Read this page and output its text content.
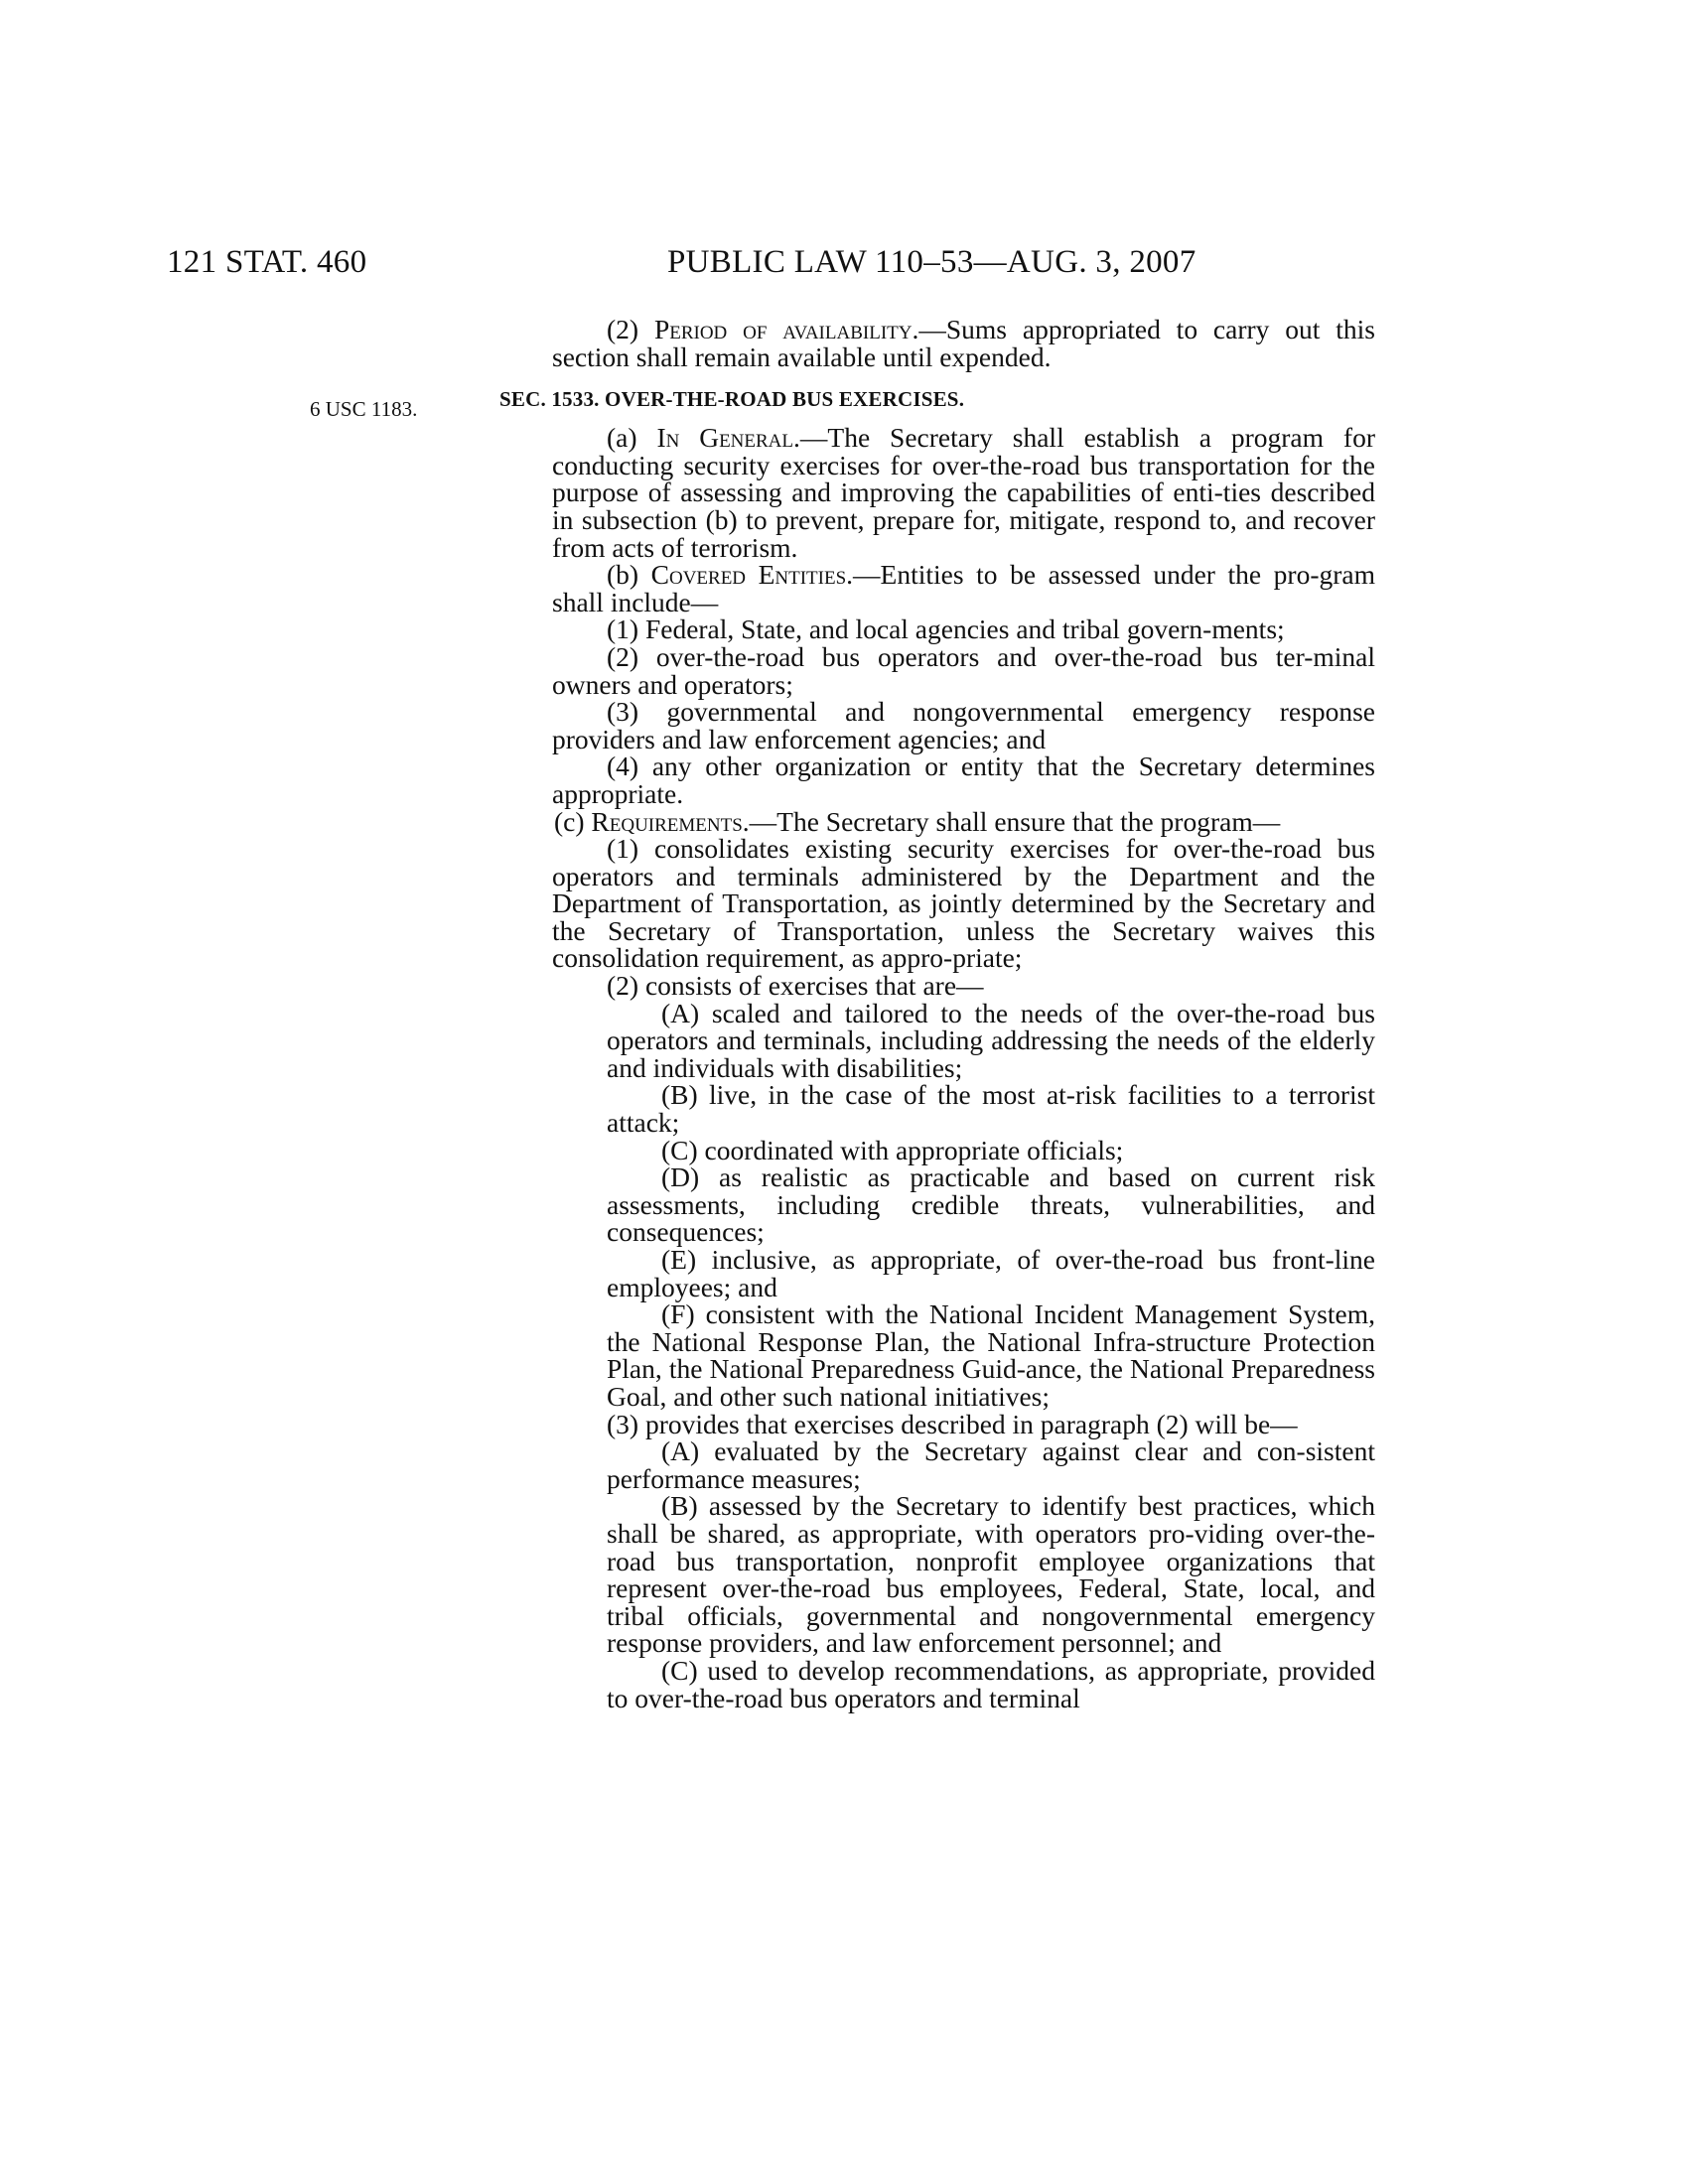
121 STAT. 460	PUBLIC LAW 110–53—AUG. 3, 2007
6 USC 1183.

(2) Period of availability.—Sums appropriated to carry out this section shall remain available until expended.

SEC. 1533. OVER-THE-ROAD BUS EXERCISES.

(a) In General.—The Secretary shall establish a program for conducting security exercises for over-the-road bus transportation for the purpose of assessing and improving the capabilities of enti-ties described in subsection (b) to prevent, prepare for, mitigate, respond to, and recover from acts of terrorism.

(b) Covered Entities.—Entities to be assessed under the pro-gram shall include—

(1) Federal, State, and local agencies and tribal govern-ments;

(2) over-the-road bus operators and over-the-road bus ter-minal owners and operators;

(3) governmental and nongovernmental emergency response providers and law enforcement agencies; and

(4) any other organization or entity that the Secretary determines appropriate.

(c) Requirements.—The Secretary shall ensure that the program—

(1) consolidates existing security exercises for over-the-road bus operators and terminals administered by the Department and the Department of Transportation, as jointly determined by the Secretary and the Secretary of Transportation, unless the Secretary waives this consolidation requirement, as appro-priate;

(2) consists of exercises that are—

(A) scaled and tailored to the needs of the over-the-road bus operators and terminals, including addressing the needs of the elderly and individuals with disabilities;

(B) live, in the case of the most at-risk facilities to a terrorist attack;

(C) coordinated with appropriate officials;

(D) as realistic as practicable and based on current risk assessments, including credible threats, vulnerabilities, and consequences;

(E) inclusive, as appropriate, of over-the-road bus front-line employees; and

(F) consistent with the National Incident Management System, the National Response Plan, the National Infra-structure Protection Plan, the National Preparedness Guid-ance, the National Preparedness Goal, and other such national initiatives;

(3) provides that exercises described in paragraph (2) will be—

(A) evaluated by the Secretary against clear and con-sistent performance measures;

(B) assessed by the Secretary to identify best practices, which shall be shared, as appropriate, with operators pro-viding over-the-road bus transportation, nonprofit employee organizations that represent over-the-road bus employees, Federal, State, local, and tribal officials, governmental and nongovernmental emergency response providers, and law enforcement personnel; and

(C) used to develop recommendations, as appropriate, provided to over-the-road bus operators and terminal
